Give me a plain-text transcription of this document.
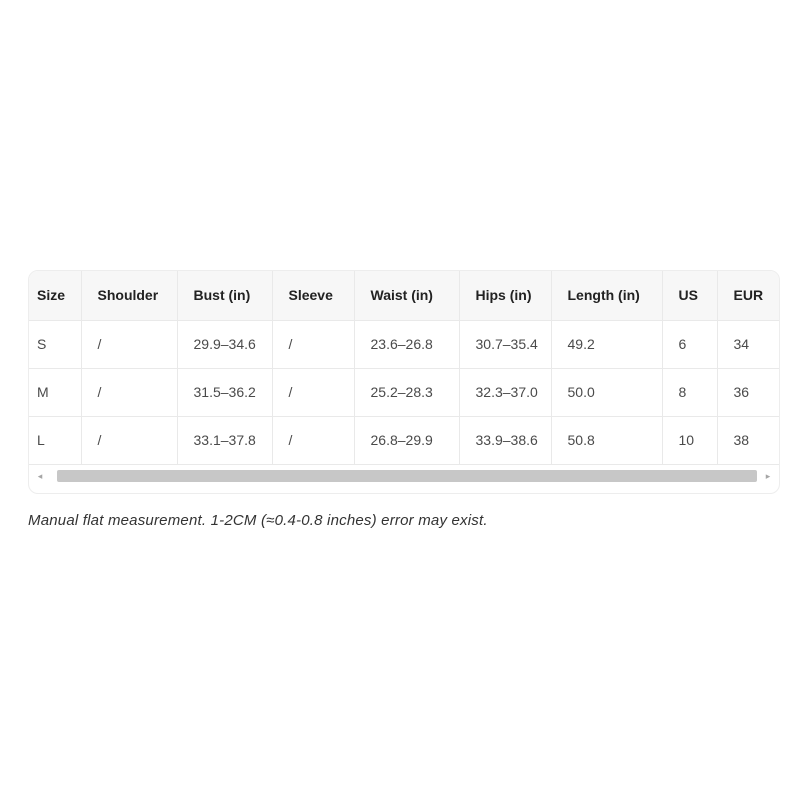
Size	Shoulder	Bust (in)	Sleeve	Waist (in)	Hips (in)	Length (in)	US	EUR
S	/	29.9–34.6	/	23.6–26.8	30.7–35.4	49.2	6	34
M	/	31.5–36.2	/	25.2–28.3	32.3–37.0	50.0	8	36
L	/	33.1–37.8	/	26.8–29.9	33.9–38.6	50.8	10	38
◂	▸

Manual flat measurement. 1-2CM (≈0.4-0.8 inches) error may exist.
